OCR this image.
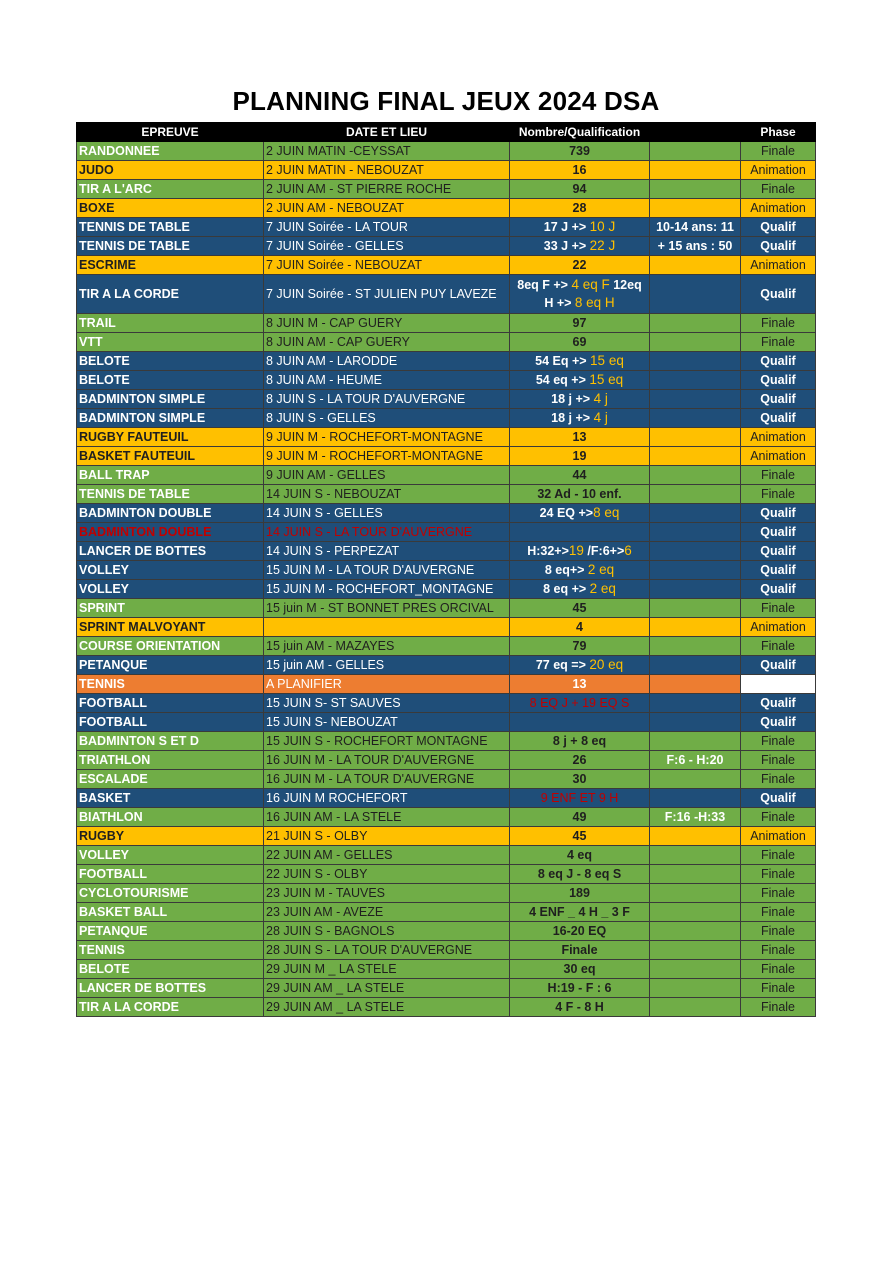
PLANNING FINAL JEUX 2024 DSA
EPREUVE	DATE ET LIEU	Nombre/Qualification		Phase
RANDONNEE	2 JUIN MATIN -CEYSSAT	739		Finale
JUDO	2 JUIN MATIN - NEBOUZAT	16		Animation
TIR A L'ARC	2 JUIN AM - ST PIERRE ROCHE	94		Finale
BOXE	2 JUIN AM - NEBOUZAT	28		Animation
TENNIS DE TABLE	7 JUIN Soirée - LA TOUR	17 J +> 10 J	10-14 ans: 11	Qualif
TENNIS DE TABLE	7 JUIN Soirée - GELLES	33 J +> 22 J	+ 15 ans : 50	Qualif
ESCRIME	7 JUIN Soirée - NEBOUZAT	22		Animation
TIR A LA CORDE	7 JUIN Soirée - ST JULIEN PUY LAVEZE	8eq F +> 4 eq F 12eq
H +> 8 eq H		Qualif
TRAIL	8 JUIN M - CAP GUERY	97		Finale
VTT	8 JUIN AM - CAP GUERY	69		Finale
BELOTE	8 JUIN AM - LARODDE	54 Eq +> 15 eq		Qualif
BELOTE	8 JUIN AM - HEUME	54 eq +> 15 eq		Qualif
BADMINTON SIMPLE	8 JUIN S - LA TOUR D'AUVERGNE	18 j +> 4 j		Qualif
BADMINTON SIMPLE	8 JUIN S - GELLES	18 j +> 4 j		Qualif
RUGBY FAUTEUIL	9 JUIN M - ROCHEFORT-MONTAGNE	13		Animation
BASKET FAUTEUIL	9 JUIN M - ROCHEFORT-MONTAGNE	19		Animation
BALL TRAP	9 JUIN AM - GELLES	44		Finale
TENNIS DE TABLE	14 JUIN S - NEBOUZAT	32 Ad - 10 enf.		Finale
BADMINTON DOUBLE	14 JUIN S - GELLES	24 EQ +>8 eq		Qualif
BADMINTON DOUBLE	14 JUIN S - LA TOUR D'AUVERGNE			Qualif
LANCER DE BOTTES	14 JUIN S - PERPEZAT	H:32+>19 /F:6+>6		Qualif
VOLLEY	15 JUIN M - LA TOUR D'AUVERGNE	8 eq+> 2 eq		Qualif
VOLLEY	15 JUIN M - ROCHEFORT_MONTAGNE	8 eq +> 2 eq		Qualif
SPRINT	15 juin M - ST BONNET PRES ORCIVAL	45		Finale
SPRINT MALVOYANT		4		Animation
COURSE ORIENTATION	15 juin AM - MAZAYES	79		Finale
PETANQUE	15 juin AM - GELLES	77 eq => 20 eq		Qualif
TENNIS	A PLANIFIER	13		
FOOTBALL	15 JUIN S- ST SAUVES	8 EQ J + 19 EQ S		Qualif
FOOTBALL	15 JUIN S- NEBOUZAT			Qualif
BADMINTON S ET D	15 JUIN S - ROCHEFORT MONTAGNE	8 j + 8 eq		Finale
TRIATHLON	16 JUIN M - LA TOUR D'AUVERGNE	26	F:6 - H:20	Finale
ESCALADE	16 JUIN M - LA TOUR D'AUVERGNE	30		Finale
BASKET	16 JUIN M ROCHEFORT	9 ENF ET 9 H		Qualif
BIATHLON	16 JUIN AM - LA STELE	49	F:16 -H:33	Finale
RUGBY	21 JUIN S - OLBY	45		Animation
VOLLEY	22 JUIN AM - GELLES	4 eq		Finale
FOOTBALL	22 JUIN S - OLBY	8 eq J - 8 eq S		Finale
CYCLOTOURISME	23 JUIN M - TAUVES	189		Finale
BASKET BALL	23 JUIN AM - AVEZE	4 ENF _ 4 H _ 3 F		Finale
PETANQUE	28 JUIN S - BAGNOLS	16-20 EQ		Finale
TENNIS	28 JUIN S - LA TOUR D'AUVERGNE	Finale		Finale
BELOTE	29 JUIN M _ LA STELE	30 eq		Finale
LANCER DE BOTTES	29 JUIN AM _ LA STELE	H:19 - F : 6		Finale
TIR A LA CORDE	29 JUIN AM _ LA STELE	4 F - 8 H		Finale
